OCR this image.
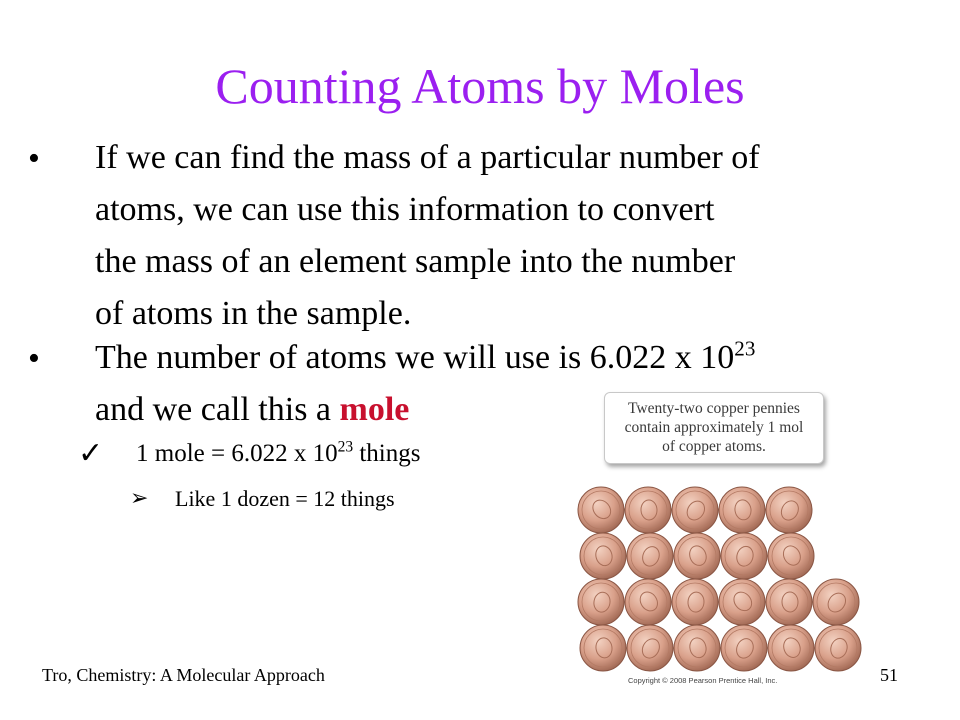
Counting Atoms by Moles
• If we can find the mass of a particular number of
atoms, we can use this information to convert
the mass of an element sample into the number
of atoms in the sample.
• The number of atoms we will use is 6.022 x $10^{23}$
and we call this a mole
✓ 1 mole = 6.022 x $10^{23}$ things
➢ Like 1 dozen = 12 things
Twenty-two copper pennies
contain approximately 1 mol
of copper atoms.
Copyright © 2008 Pearson Prentice Hall, Inc.
Tro, Chemistry: A Molecular Approach	51
